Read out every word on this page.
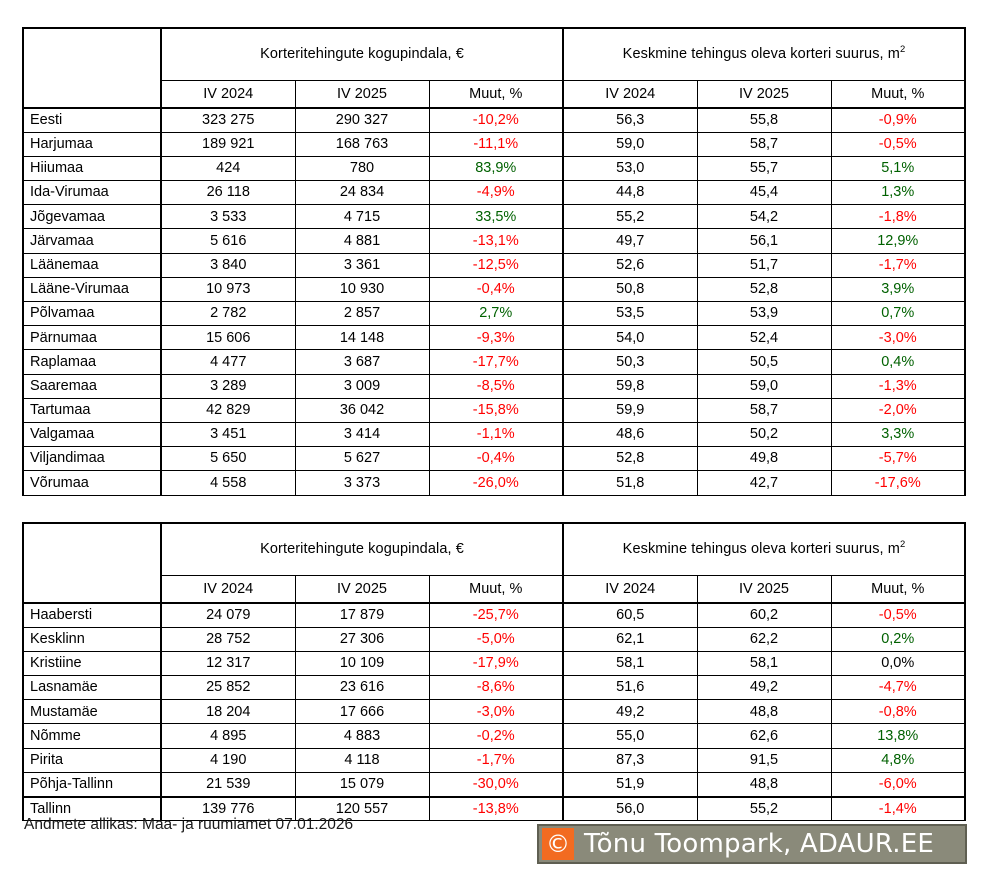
	Korteritehingute kogupindala, €			Keskmine tehingus oleva korteri suurus, $m^2$
	IV 2024	IV 2025	Muut, %	IV 2024	IV 2025	Muut, %
Eesti	323 275	290 327	-10,2%	56,3	55,8	-0,9%
Harjumaa	189 921	168 763	-11,1%	59,0	58,7	-0,5%
Hiiumaa	424	780	83,9%	53,0	55,7	5,1%
Ida-Virumaa	26 118	24 834	-4,9%	44,8	45,4	1,3%
Jõgevamaa	3 533	4 715	33,5%	55,2	54,2	-1,8%
Järvamaa	5 616	4 881	-13,1%	49,7	56,1	12,9%
Läänemaa	3 840	3 361	-12,5%	52,6	51,7	-1,7%
Lääne-Virumaa	10 973	10 930	-0,4%	50,8	52,8	3,9%
Põlvamaa	2 782	2 857	2,7%	53,5	53,9	0,7%
Pärnumaa	15 606	14 148	-9,3%	54,0	52,4	-3,0%
Raplamaa	4 477	3 687	-17,7%	50,3	50,5	0,4%
Saaremaa	3 289	3 009	-8,5%	59,8	59,0	-1,3%
Tartumaa	42 829	36 042	-15,8%	59,9	58,7	-2,0%
Valgamaa	3 451	3 414	-1,1%	48,6	50,2	3,3%
Viljandimaa	5 650	5 627	-0,4%	52,8	49,8	-5,7%
Võrumaa	4 558	3 373	-26,0%	51,8	42,7	-17,6%
	Korteritehingute kogupindala, €			Keskmine tehingus oleva korteri suurus, $m^2$
	IV 2024	IV 2025	Muut, %	IV 2024	IV 2025	Muut, %
Haabersti	24 079	17 879	-25,7%	60,5	60,2	-0,5%
Kesklinn	28 752	27 306	-5,0%	62,1	62,2	0,2%
Kristiine	12 317	10 109	-17,9%	58,1	58,1	0,0%
Lasnamäe	25 852	23 616	-8,6%	51,6	49,2	-4,7%
Mustamäe	18 204	17 666	-3,0%	49,2	48,8	-0,8%
Nõmme	4 895	4 883	-0,2%	55,0	62,6	13,8%
Pirita	4 190	4 118	-1,7%	87,3	91,5	4,8%
Põhja-Tallinn	21 539	15 079	-30,0%	51,9	48,8	-6,0%
Tallinn	139 776	120 557	-13,8%	56,0	55,2	-1,4%
Andmete allikas: Maa- ja ruumiamet 07.01.2026
© Tõnu Toompark, ADAUR.EE
